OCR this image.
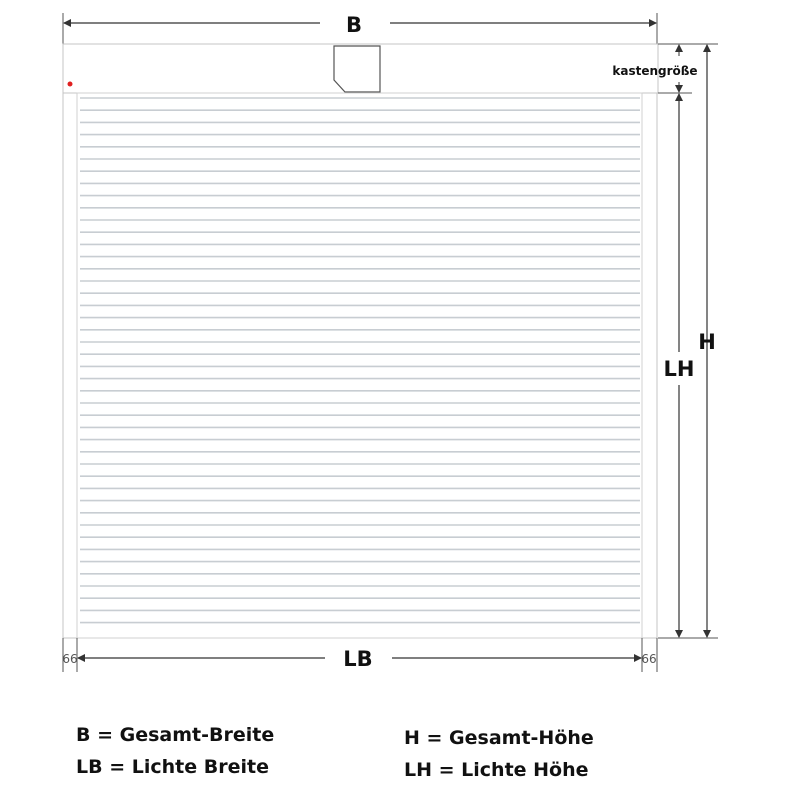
B
kastengröße
LH
H
LB
66	66
B = Gesamt-Breite
LB = Lichte Breite
H = Gesamt-Höhe
LH = Lichte Höhe
